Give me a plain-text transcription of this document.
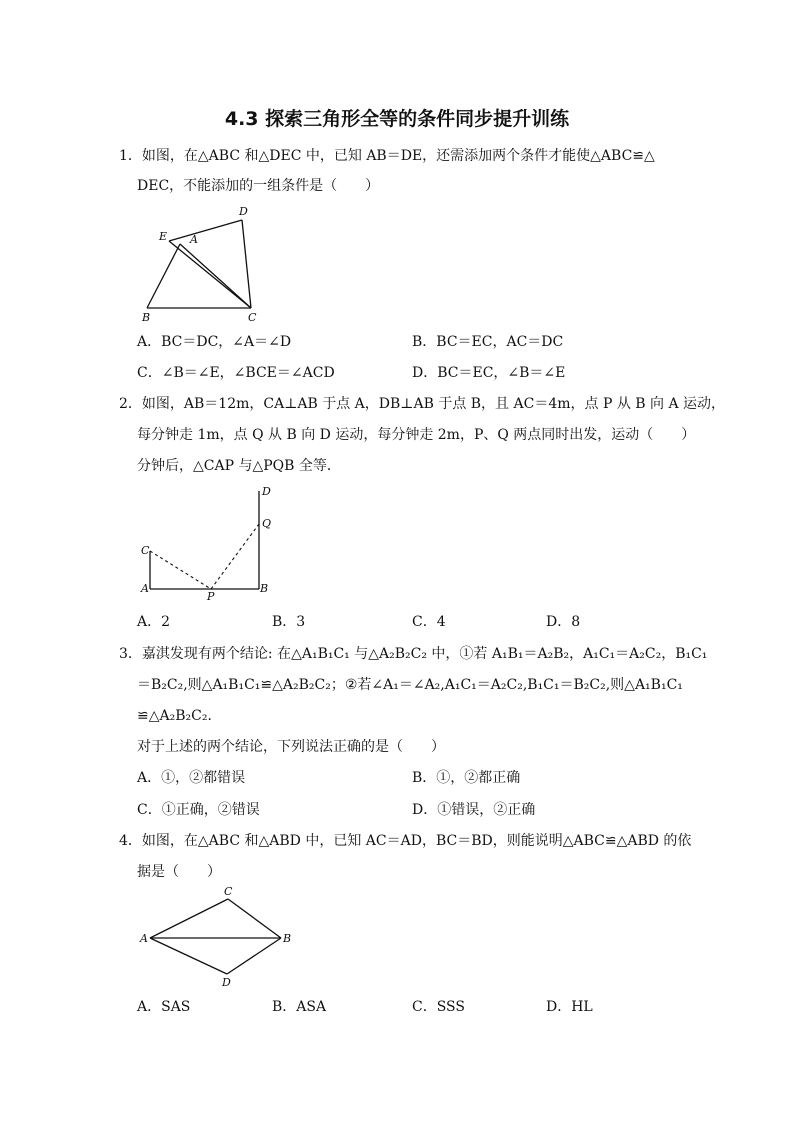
4.3 探索三角形全等的条件同步提升训练
1．如图，在△ABC 和△DEC 中，已知 AB＝DE，还需添加两个条件才能使△ABC≌△
DEC，不能添加的一组条件是（　　）
D
E A
B	C
A．BC＝DC，∠A＝∠D	B．BC＝EC，AC＝DC
C．∠B＝∠E，∠BCE＝∠ACD	D．BC＝EC，∠B＝∠E
2．如图，AB＝12m，CA⊥AB 于点 A，DB⊥AB 于点 B，且 AC＝4m，点 P 从 B 向 A 运动，
每分钟走 1m，点 Q 从 B 向 D 运动，每分钟走 2m，P、Q 两点同时出发，运动（　　）
分钟后，△CAP 与△PQB 全等．
D
Q
C
A
P
B
A．2	B．3	C．4	D．8
3．嘉淇发现有两个结论: 在△A₁B₁C₁ 与△A₂B₂C₂ 中，①若 A₁B₁＝A₂B₂，A₁C₁＝A₂C₂，B₁C₁
＝B₂C₂,则△A₁B₁C₁≌△A₂B₂C₂；②若∠A₁＝∠A₂,A₁C₁＝A₂C₂,B₁C₁＝B₂C₂,则△A₁B₁C₁
≌△A₂B₂C₂．
对于上述的两个结论，下列说法正确的是（　　）
A．①，②都错误	B．①，②都正确
C．①正确，②错误	D．①错误，②正确
4．如图，在△ABC 和△ABD 中，已知 AC＝AD，BC＝BD，则能说明△ABC≌△ABD 的依
据是（　　）
C
A	B
D
A．SAS	B．ASA	C．SSS	D．HL
